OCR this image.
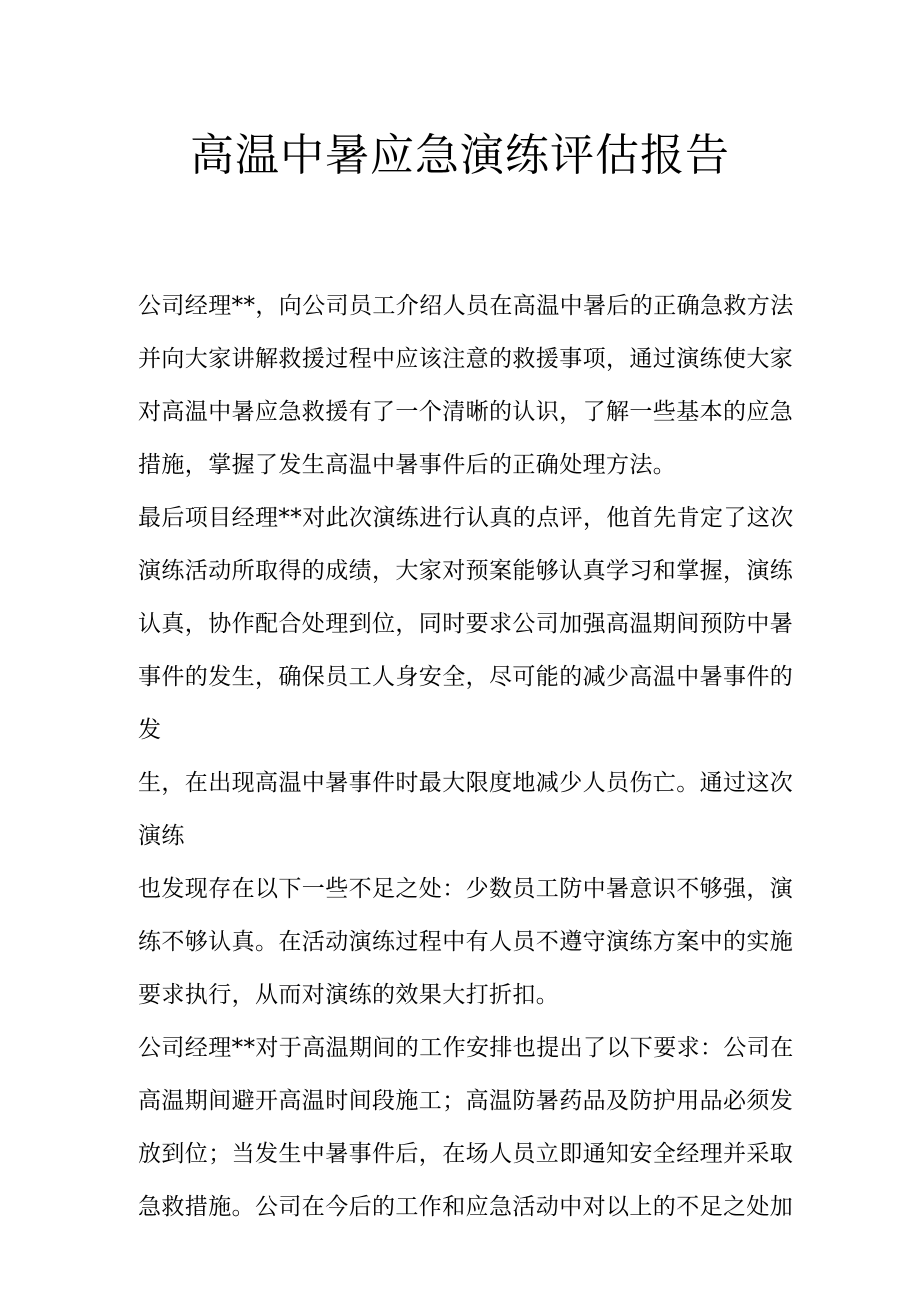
高温中暑应急演练评估报告
公司经理**，向公司员工介绍人员在高温中暑后的正确急救方法
并向大家讲解救援过程中应该注意的救援事项，通过演练使大家
对高温中暑应急救援有了一个清晰的认识，了解一些基本的应急
措施，掌握了发生高温中暑事件后的正确处理方法。
最后项目经理**对此次演练进行认真的点评，他首先肯定了这次
演练活动所取得的成绩，大家对预案能够认真学习和掌握，演练
认真，协作配合处理到位，同时要求公司加强高温期间预防中暑
事件的发生，确保员工人身安全，尽可能的减少高温中暑事件的
发
生，在出现高温中暑事件时最大限度地减少人员伤亡。通过这次
演练
也发现存在以下一些不足之处：少数员工防中暑意识不够强，演
练不够认真。在活动演练过程中有人员不遵守演练方案中的实施
要求执行，从而对演练的效果大打折扣。
公司经理**对于高温期间的工作安排也提出了以下要求：公司在
高温期间避开高温时间段施工；高温防暑药品及防护用品必须发
放到位；当发生中暑事件后，在场人员立即通知安全经理并采取
急救措施。公司在今后的工作和应急活动中对以上的不足之处加
